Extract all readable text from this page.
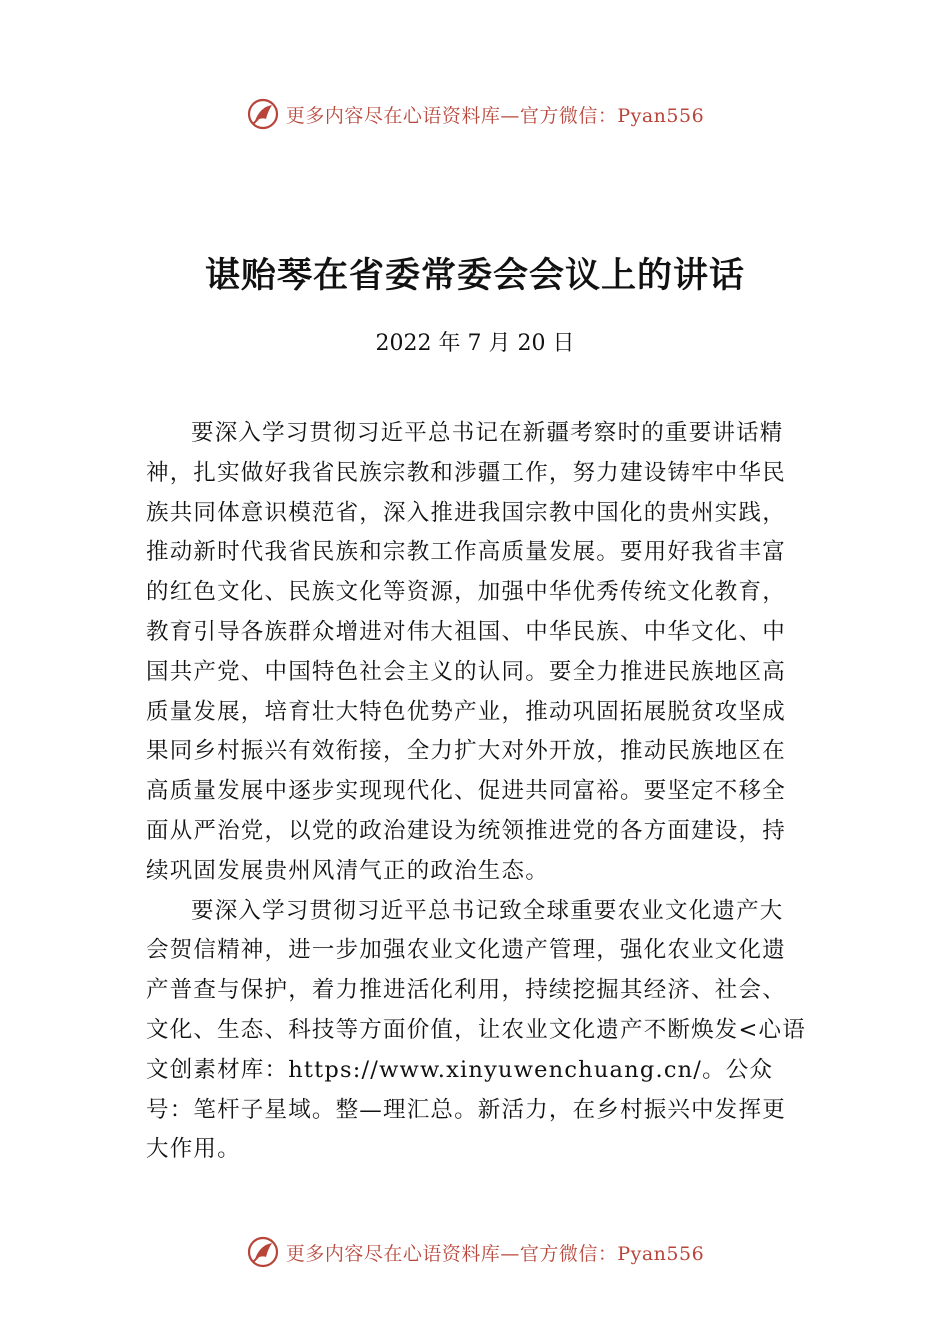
更多内容尽在心语资料库—官方微信：Pyan556
谌贻琴在省委常委会会议上的讲话
2022 年 7 月 20 日

要深入学习贯彻习近平总书记在新疆考察时的重要讲话精神，扎实做好我省民族宗教和涉疆工作，努力建设铸牢中华民族共同体意识模范省，深入推进我国宗教中国化的贵州实践，推动新时代我省民族和宗教工作高质量发展。要用好我省丰富的红色文化、民族文化等资源，加强中华优秀传统文化教育，教育引导各族群众增进对伟大祖国、中华民族、中华文化、中国共产党、中国特色社会主义的认同。要全力推进民族地区高质量发展，培育壮大特色优势产业，推动巩固拓展脱贫攻坚成果同乡村振兴有效衔接，全力扩大对外开放，推动民族地区在高质量发展中逐步实现现代化、促进共同富裕。要坚定不移全面从严治党，以党的政治建设为统领推进党的各方面建设，持续巩固发展贵州风清气正的政治生态。

要深入学习贯彻习近平总书记致全球重要农业文化遗产大会贺信精神，进一步加强农业文化遗产管理，强化农业文化遗产普查与保护，着力推进活化利用，持续挖掘其经济、社会、文化、生态、科技等方面价值，让农业文化遗产不断焕发<心语文创素材库：https://www.xinyuwenchuang.cn/。公众号：笔杆子星域。整—理汇总。新活力，在乡村振兴中发挥更大作用。

更多内容尽在心语资料库—官方微信：Pyan556
